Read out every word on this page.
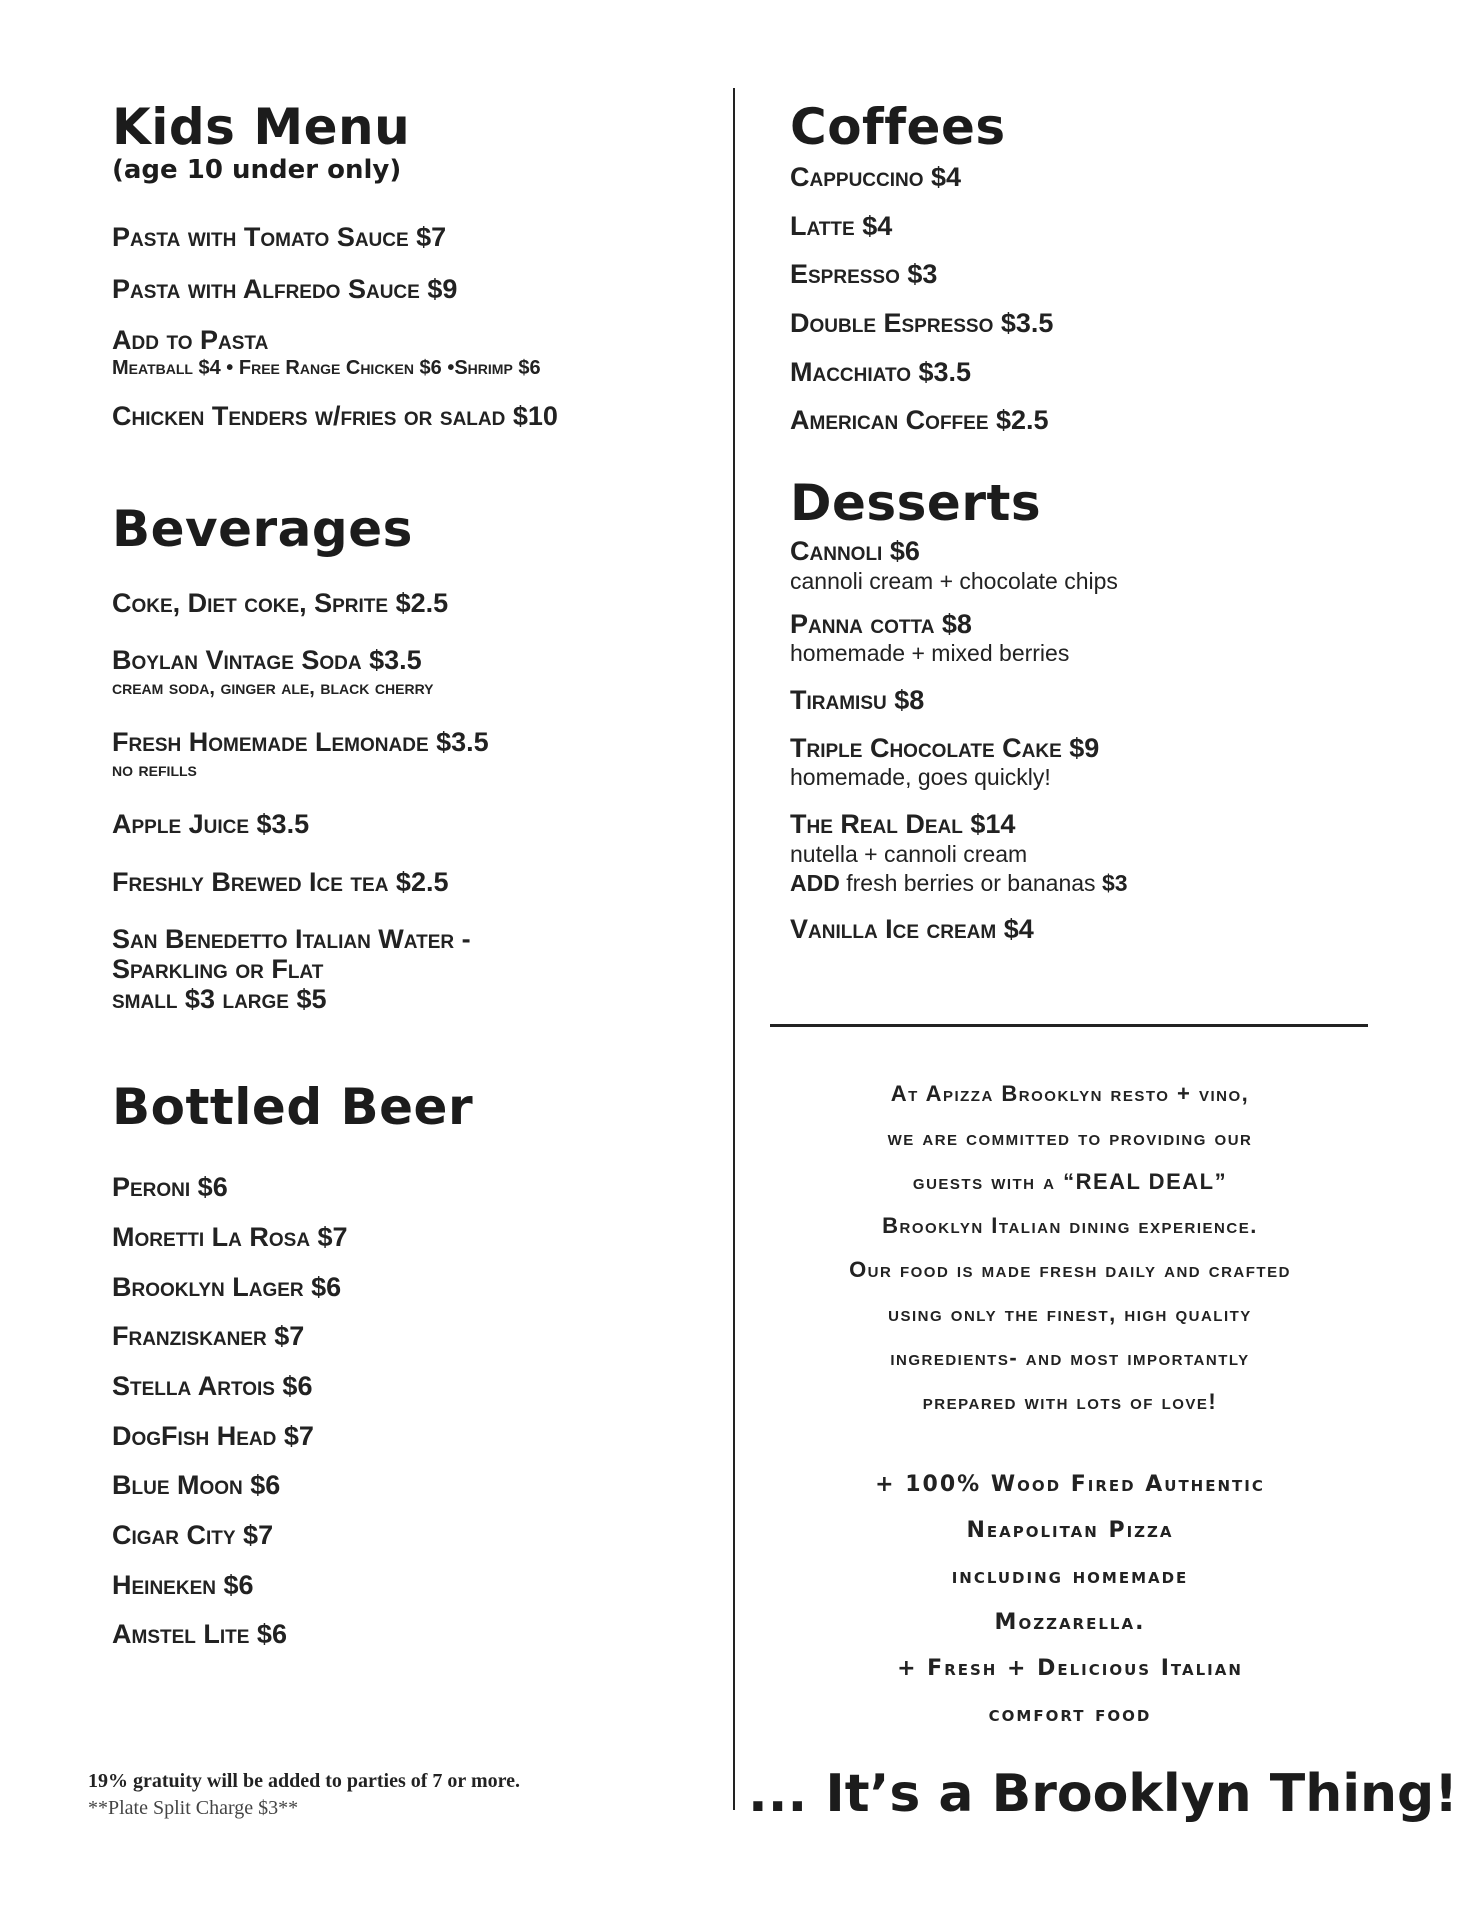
Kids Menu
(age 10 under only)
Pasta with Tomato Sauce $7
Pasta with Alfredo Sauce $9
Add to Pasta
Meatball $4 • Free Range Chicken $6 •Shrimp $6
Chicken Tenders w/fries or salad $10
Beverages
Coke, Diet coke, Sprite $2.5
Boylan Vintage Soda $3.5
cream soda, ginger ale, black cherry
Fresh Homemade Lemonade $3.5
no refills
Apple Juice $3.5
Freshly Brewed Ice tea $2.5
San Benedetto Italian Water -
Sparkling or Flat
small $3 large $5
Bottled Beer
Peroni $6
Moretti La Rosa $7
Brooklyn Lager $6
Franziskaner $7
Stella Artois $6
DogFish Head $7
Blue Moon $6
Cigar City $7
Heineken $6
Amstel Lite $6
Coffees
Cappuccino $4
Latte $4
Espresso $3
Double Espresso $3.5
Macchiato $3.5
American Coffee $2.5
Desserts
Cannoli $6
cannoli cream + chocolate chips
Panna cotta $8
homemade + mixed berries
Tiramisu $8
Triple Chocolate Cake $9
homemade, goes quickly!
The Real Deal $14
nutella + cannoli cream
ADD fresh berries or bananas $3
Vanilla Ice cream $4
At Apizza Brooklyn resto + vino,
we are committed to providing our
guests with a “REAL DEAL”
Brooklyn Italian dining experience.
Our food is made fresh daily and crafted
using only the finest, high quality
ingredients- and most importantly
prepared with lots of love!
+ 100% Wood Fired Authentic
Neapolitan Pizza
including homemade
Mozzarella.
+ Fresh + Delicious Italian
comfort food
19% gratuity will be added to parties of 7 or more.
**Plate Split Charge $3**	... It’s a Brooklyn Thing!
